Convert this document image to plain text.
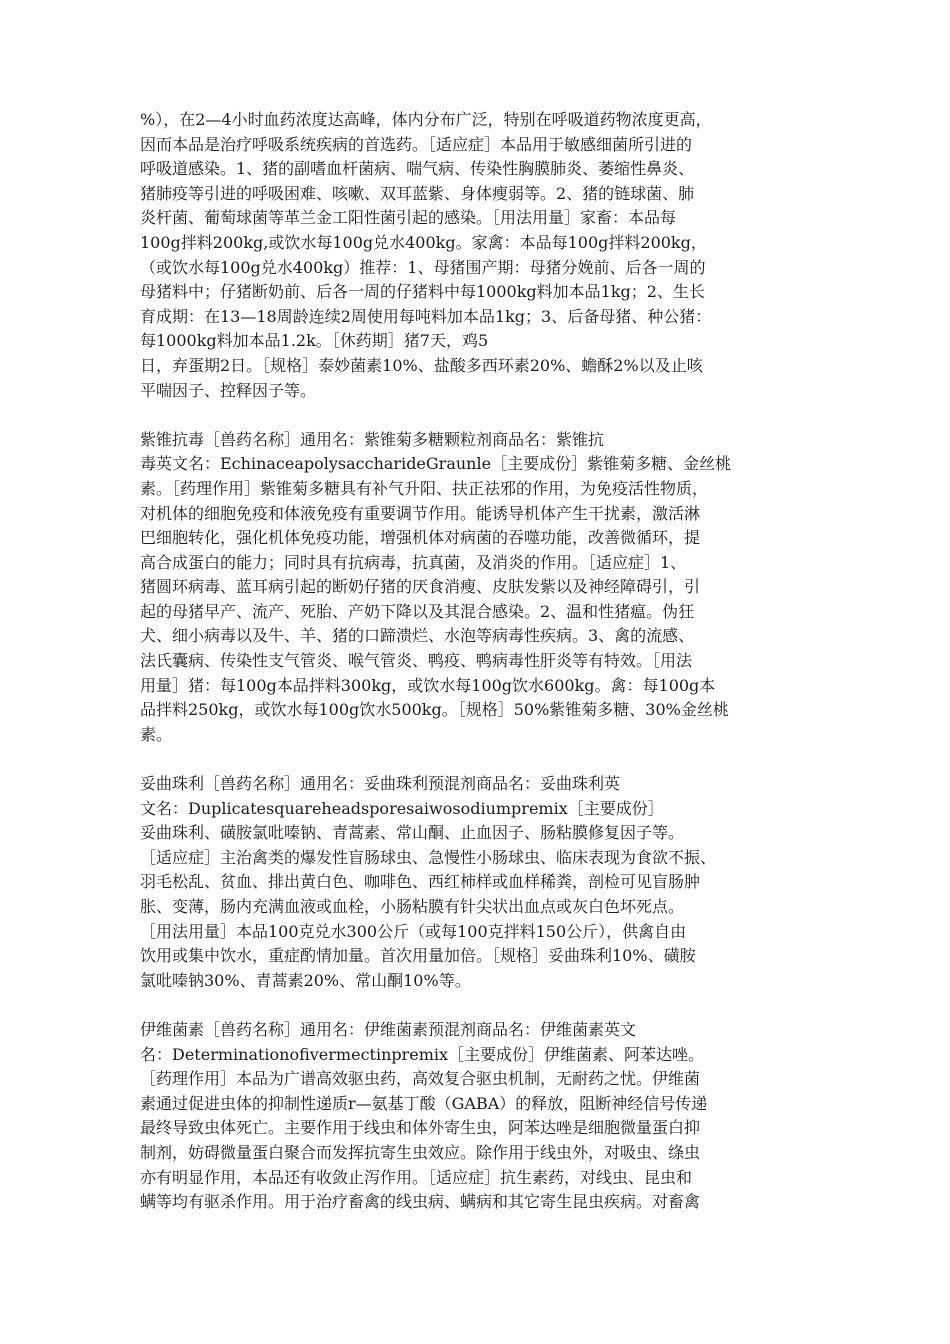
%），在2—4小时血药浓度达高峰，体内分布广泛，特别在呼吸道药物浓度更高，
因而本品是治疗呼吸系统疾病的首选药。［适应症］本品用于敏感细菌所引进的
呼吸道感染。1、猪的副嗜血杆菌病、喘气病、传染性胸膜肺炎、萎缩性鼻炎、
猪肺疫等引进的呼吸困难、咳嗽、双耳蓝紫、身体瘦弱等。2、猪的链球菌、肺
炎杆菌、葡萄球菌等革兰金工阳性菌引起的感染。［用法用量］家畜：本品每
100g拌料200kg,或饮水每100g兑水400kg。家禽：本品每100g拌料200kg，
（或饮水每100g兑水400kg）推荐：1、母猪围产期：母猪分娩前、后各一周的
母猪料中；仔猪断奶前、后各一周的仔猪料中每1000kg料加本品1kg；2、生长
育成期：在13—18周龄连续2周使用每吨料加本品1kg；3、后备母猪、种公猪：
每1000kg料加本品1.2k。［休药期］猪7天，鸡5
日，弃蛋期2日。［规格］泰妙菌素10%、盐酸多西环素20%、蟾酥2%以及止咳
平喘因子、控释因子等。
紫锥抗毒［兽药名称］通用名：紫锥菊多糖颗粒剂商品名：紫锥抗
毒英文名：EchinaceapolysaccharideGraunle［主要成份］紫锥菊多糖、金丝桃
素。［药理作用］紫锥菊多糖具有补气升阳、扶正祛邪的作用，为免疫活性物质，
对机体的细胞免疫和体液免疫有重要调节作用。能诱导机体产生干扰素，激活淋
巴细胞转化，强化机体免疫功能，增强机体对病菌的吞噬功能，改善微循环，提
高合成蛋白的能力；同时具有抗病毒，抗真菌，及消炎的作用。［适应症］1、
猪圆环病毒、蓝耳病引起的断奶仔猪的厌食消瘦、皮肤发紫以及神经障碍引，引
起的母猪早产、流产、死胎、产奶下降以及其混合感染。2、温和性猪瘟。伪狂
犬、细小病毒以及牛、羊、猪的口蹄溃烂、水泡等病毒性疾病。3、禽的流感、
法氏囊病、传染性支气管炎、喉气管炎、鸭疫、鸭病毒性肝炎等有特效。［用法
用量］猪：每100g本品拌料300kg，或饮水每100g饮水600kg。禽：每100g本
品拌料250kg，或饮水每100g饮水500kg。［规格］50%紫锥菊多糖、30%金丝桃
素。
妥曲珠利［兽药名称］通用名：妥曲珠利预混剂商品名：妥曲珠利英
文名：Duplicatesquareheadsporesaiwosodiumpremix［主要成份］
妥曲珠利、磺胺氯吡嗪钠、青蒿素、常山酮、止血因子、肠粘膜修复因子等。
［适应症］主治禽类的爆发性盲肠球虫、急慢性小肠球虫、临床表现为食欲不振、
羽毛松乱、贫血、排出黄白色、咖啡色、西红柿样或血样稀粪，剖检可见盲肠肿
胀、变薄，肠内充满血液或血栓，小肠粘膜有针尖状出血点或灰白色坏死点。
［用法用量］本品100克兑水300公斤（或每100克拌料150公斤），供禽自由
饮用或集中饮水，重症酌情加量。首次用量加倍。［规格］妥曲珠利10%、磺胺
氯吡嗪钠30%、青蒿素20%、常山酮10%等。
伊维菌素［兽药名称］通用名：伊维菌素预混剂商品名：伊维菌素英文
名：Determinationofivermectinpremix［主要成份］伊维菌素、阿苯达唑。
［药理作用］本品为广谱高效驱虫药，高效复合驱虫机制，无耐药之忧。伊维菌
素通过促进虫体的抑制性递质r—氨基丁酸（GABA）的释放，阻断神经信号传递
最终导致虫体死亡。主要作用于线虫和体外寄生虫，阿苯达唑是细胞微量蛋白抑
制剂，妨碍微量蛋白聚合而发挥抗寄生虫效应。除作用于线虫外，对吸虫、绦虫
亦有明显作用，本品还有收敛止泻作用。［适应症］抗生素药，对线虫、昆虫和
螨等均有驱杀作用。用于治疗畜禽的线虫病、螨病和其它寄生昆虫疾病。对畜禽
